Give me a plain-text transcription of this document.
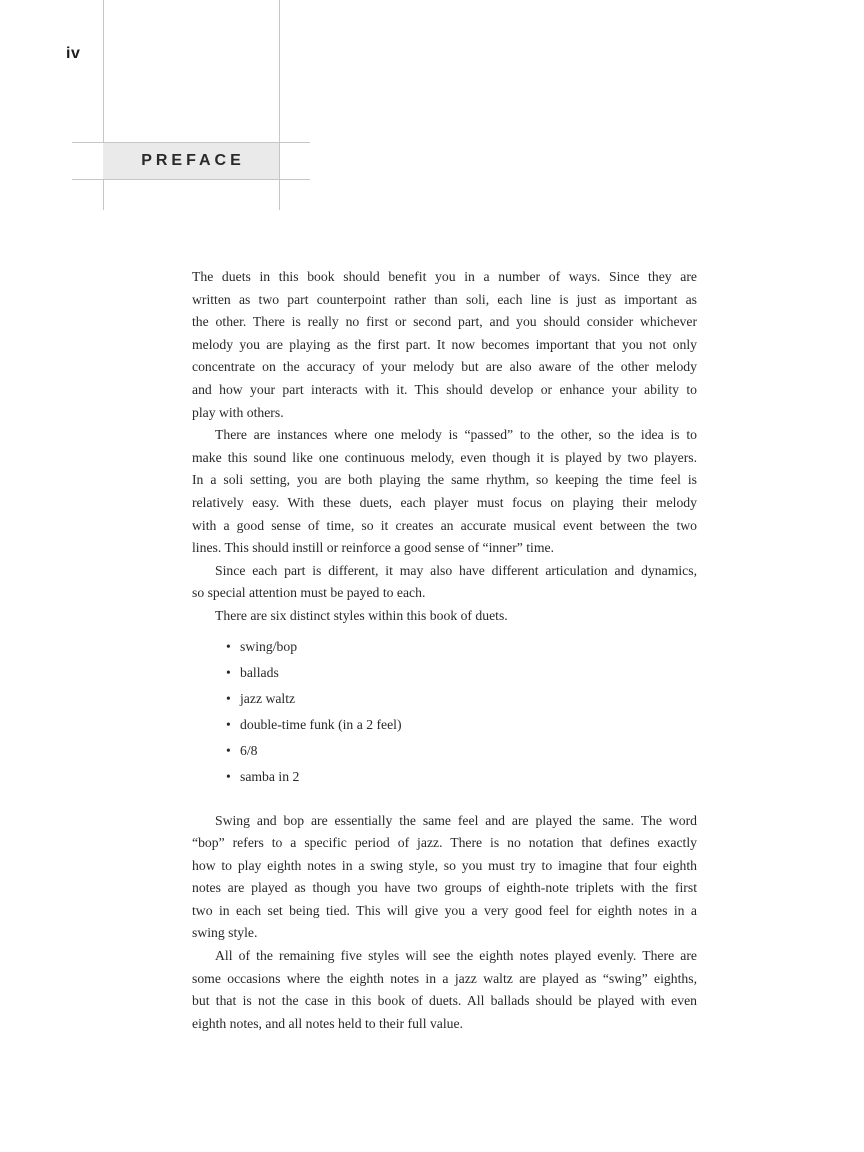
iv
PREFACE
The duets in this book should benefit you in a number of ways. Since they are
written as two part counterpoint rather than soli, each line is just as important as
the other. There is really no first or second part, and you should consider whichever
melody you are playing as the first part. It now becomes important that you not only
concentrate on the accuracy of your melody but are also aware of the other melody
and how your part interacts with it. This should develop or enhance your ability to
play with others.
There are instances where one melody is “passed” to the other, so the idea is to
make this sound like one continuous melody, even though it is played by two players.
In a soli setting, you are both playing the same rhythm, so keeping the time feel is
relatively easy. With these duets, each player must focus on playing their melody
with a good sense of time, so it creates an accurate musical event between the two
lines. This should instill or reinforce a good sense of “inner” time.
Since each part is different, it may also have different articulation and dynamics,
so special attention must be payed to each.
There are six distinct styles within this book of duets.
• swing/bop
• ballads
• jazz waltz
• double-time funk (in a 2 feel)
• 6/8
• samba in 2
Swing and bop are essentially the same feel and are played the same. The word
“bop” refers to a specific period of jazz. There is no notation that defines exactly
how to play eighth notes in a swing style, so you must try to imagine that four eighth
notes are played as though you have two groups of eighth-note triplets with the first
two in each set being tied. This will give you a very good feel for eighth notes in a
swing style.
All of the remaining five styles will see the eighth notes played evenly. There are
some occasions where the eighth notes in a jazz waltz are played as “swing” eighths,
but that is not the case in this book of duets. All ballads should be played with even
eighth notes, and all notes held to their full value.
